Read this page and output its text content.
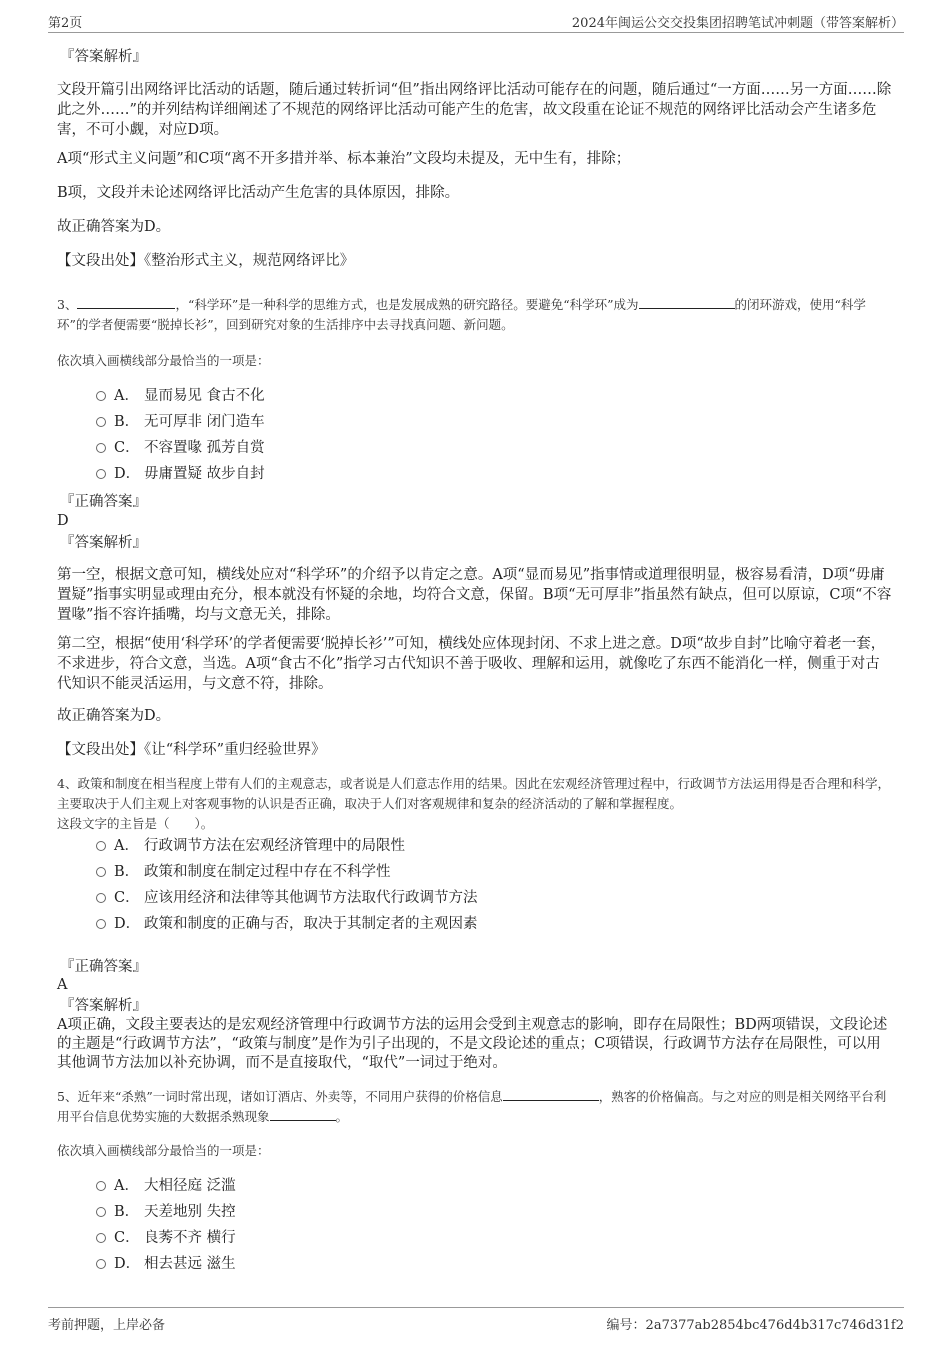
第2页	2024年闽运公交交投集团招聘笔试冲刺题（带答案解析）
『答案解析』
文段开篇引出网络评比活动的话题，随后通过转折词“但”指出网络评比活动可能存在的问题，随后通过“一方面……另一方面……除此之外……”的并列结构详细阐述了不规范的网络评比活动可能产生的危害，故文段重在论证不规范的网络评比活动会产生诸多危害，不可小觑，对应D项。
A项“形式主义问题”和C项“离不开多措并举、标本兼治”文段均未提及，无中生有，排除；
B项，文段并未论述网络评比活动产生危害的具体原因，排除。
故正确答案为D。
【文段出处】《整治形式主义，规范网络评比》
3、	，“科学环”是一种科学的思维方式，也是发展成熟的研究路径。要避免“科学环”成为	的闭环游戏，使用“科学环”的学者便需要“脱掉长衫”，回到研究对象的生活排序中去寻找真问题、新问题。
依次填入画横线部分最恰当的一项是：
A． 显而易见 食古不化
B． 无可厚非 闭门造车
C． 不容置喙 孤芳自赏
D． 毋庸置疑 故步自封
『正确答案』
D
『答案解析』
第一空，根据文意可知，横线处应对“科学环”的介绍予以肯定之意。A项“显而易见”指事情或道理很明显，极容易看清，D项“毋庸置疑”指事实明显或理由充分，根本就没有怀疑的余地，均符合文意，保留。B项“无可厚非”指虽然有缺点，但可以原谅，C项“不容置喙”指不容许插嘴，均与文意无关，排除。
第二空，根据“使用‘科学环’的学者便需要‘脱掉长衫’”可知，横线处应体现封闭、不求上进之意。D项“故步自封”比喻守着老一套，不求进步，符合文意，当选。A项“食古不化”指学习古代知识不善于吸收、理解和运用，就像吃了东西不能消化一样，侧重于对古代知识不能灵活运用，与文意不符，排除。
故正确答案为D。
【文段出处】《让“科学环”重归经验世界》
4、政策和制度在相当程度上带有人们的主观意志，或者说是人们意志作用的结果。因此在宏观经济管理过程中，行政调节方法运用得是否合理和科学，主要取决于人们主观上对客观事物的认识是否正确，取决于人们对客观规律和复杂的经济活动的了解和掌握程度。
这段文字的主旨是（　　）。
A． 行政调节方法在宏观经济管理中的局限性
B． 政策和制度在制定过程中存在不科学性
C． 应该用经济和法律等其他调节方法取代行政调节方法
D． 政策和制度的正确与否，取决于其制定者的主观因素
『正确答案』
A
『答案解析』
A项正确，文段主要表达的是宏观经济管理中行政调节方法的运用会受到主观意志的影响，即存在局限性；BD两项错误，文段论述的主题是“行政调节方法”，“政策与制度”是作为引子出现的，不是文段论述的重点；C项错误，行政调节方法存在局限性，可以用其他调节方法加以补充协调，而不是直接取代，“取代”一词过于绝对。
5、近年来“杀熟”一词时常出现，诸如订酒店、外卖等，不同用户获得的价格信息	，熟客的价格偏高。与之对应的则是相关网络平台利用平台信息优势实施的大数据杀熟现象	。
依次填入画横线部分最恰当的一项是：
A． 大相径庭 泛滥
B． 天差地别 失控
C． 良莠不齐 横行
D． 相去甚远 滋生
考前押题，上岸必备	编号：2a7377ab2854bc476d4b317c746d31f2
